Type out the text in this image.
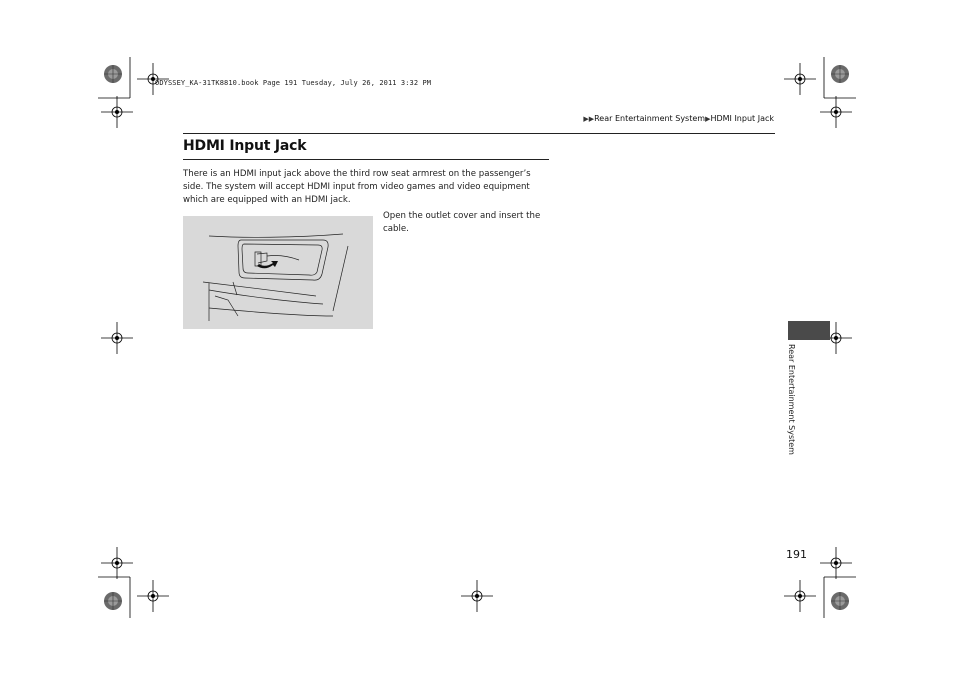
ODYSSEY_KA-31TK8810.book Page 191 Tuesday, July 26, 2011 3:32 PM
▶▶Rear Entertainment System▶HDMI Input Jack
HDMI Input Jack
There is an HDMI input jack above the third row seat armrest on the passenger’s side. The system will accept HDMI input from video games and video equipment which are equipped with an HDMI jack.
Open the outlet cover and insert the cable.
Rear Entertainment System
191
